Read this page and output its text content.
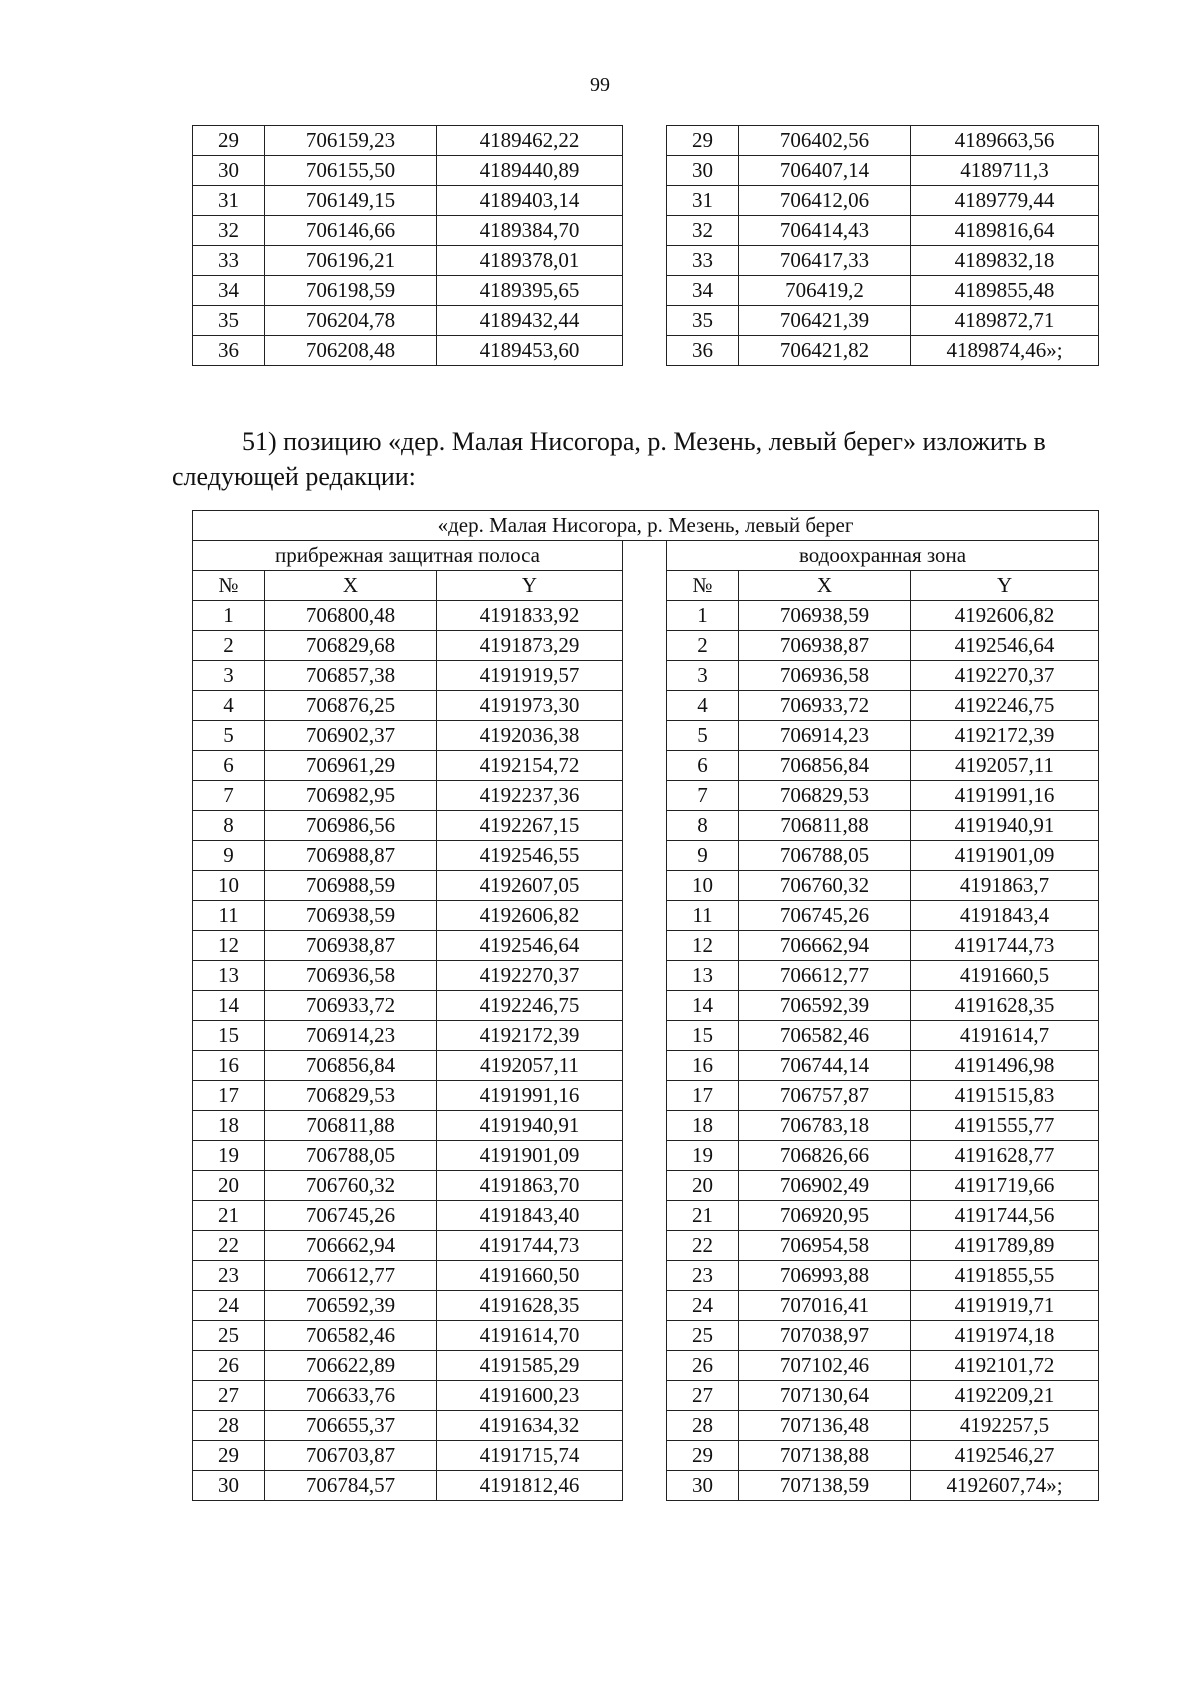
99
29	706159,23	4189462,22		29	706402,56	4189663,56
30	706155,50	4189440,89		30	706407,14	4189711,3
31	706149,15	4189403,14		31	706412,06	4189779,44
32	706146,66	4189384,70		32	706414,43	4189816,64
33	706196,21	4189378,01		33	706417,33	4189832,18
34	706198,59	4189395,65		34	706419,2	4189855,48
35	706204,78	4189432,44		35	706421,39	4189872,71
36	706208,48	4189453,60		36	706421,82	4189874,46»;
51) позицию «дер. Малая Нисогора, р. Мезень, левый берег» изложить в
следующей редакции:
«дер. Малая Нисогора, р. Мезень, левый берег						
прибрежная защитная полоса				водоохранная зона		
№	X	Y		№	X	Y
1	706800,48	4191833,92		1	706938,59	4192606,82
2	706829,68	4191873,29		2	706938,87	4192546,64
3	706857,38	4191919,57		3	706936,58	4192270,37
4	706876,25	4191973,30		4	706933,72	4192246,75
5	706902,37	4192036,38		5	706914,23	4192172,39
6	706961,29	4192154,72		6	706856,84	4192057,11
7	706982,95	4192237,36		7	706829,53	4191991,16
8	706986,56	4192267,15		8	706811,88	4191940,91
9	706988,87	4192546,55		9	706788,05	4191901,09
10	706988,59	4192607,05		10	706760,32	4191863,7
11	706938,59	4192606,82		11	706745,26	4191843,4
12	706938,87	4192546,64		12	706662,94	4191744,73
13	706936,58	4192270,37		13	706612,77	4191660,5
14	706933,72	4192246,75		14	706592,39	4191628,35
15	706914,23	4192172,39		15	706582,46	4191614,7
16	706856,84	4192057,11		16	706744,14	4191496,98
17	706829,53	4191991,16		17	706757,87	4191515,83
18	706811,88	4191940,91		18	706783,18	4191555,77
19	706788,05	4191901,09		19	706826,66	4191628,77
20	706760,32	4191863,70		20	706902,49	4191719,66
21	706745,26	4191843,40		21	706920,95	4191744,56
22	706662,94	4191744,73		22	706954,58	4191789,89
23	706612,77	4191660,50		23	706993,88	4191855,55
24	706592,39	4191628,35		24	707016,41	4191919,71
25	706582,46	4191614,70		25	707038,97	4191974,18
26	706622,89	4191585,29		26	707102,46	4192101,72
27	706633,76	4191600,23		27	707130,64	4192209,21
28	706655,37	4191634,32		28	707136,48	4192257,5
29	706703,87	4191715,74		29	707138,88	4192546,27
30	706784,57	4191812,46		30	707138,59	4192607,74»;
